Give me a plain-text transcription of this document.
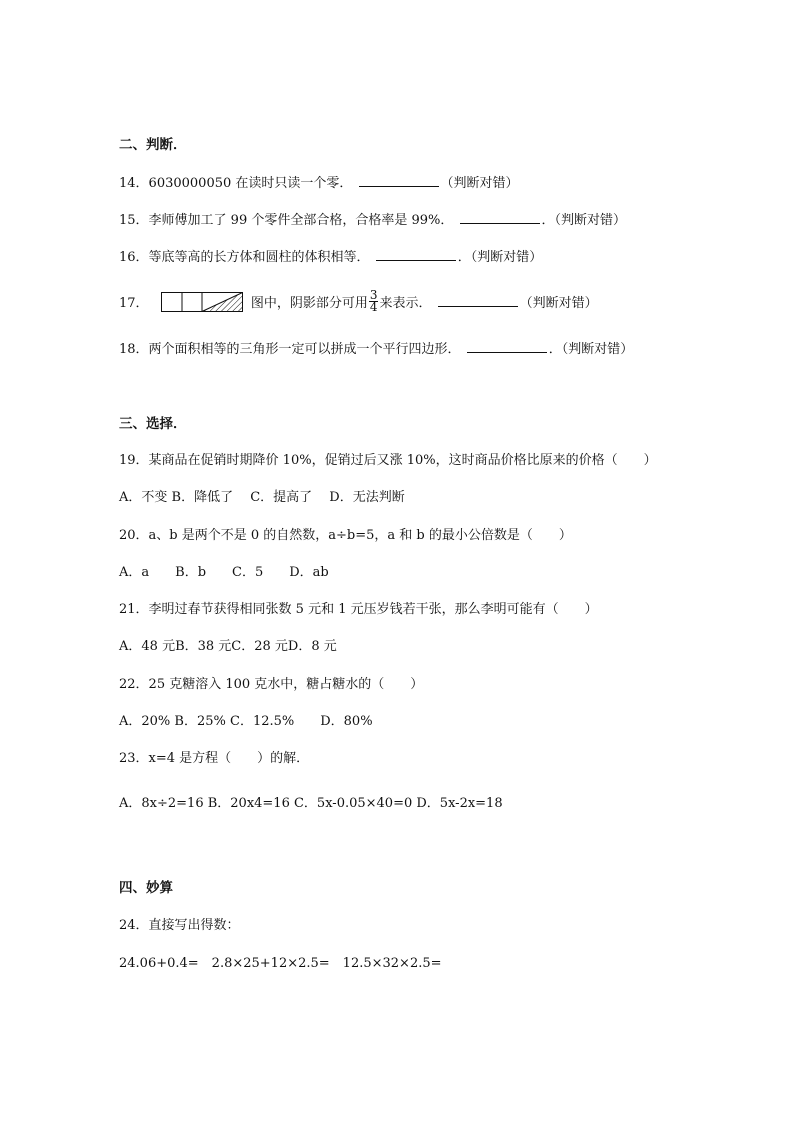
二、判断．
14．6030000050 在读时只读一个零．	（判断对错）
15．李师傅加工了 99 个零件全部合格，合格率是 99%．	．（判断对错）
16．等底等高的长方体和圆柱的体积相等．	．（判断对错）
17．	图中，阴影部分可用 $\frac{3}{4}$ 来表示．	（判断对错）
18．两个面积相等的三角形一定可以拼成一个平行四边形．	．（判断对错）
三、选择．
19．某商品在促销时期降价 10%，促销过后又涨 10%，这时商品价格比原来的价格（　　）
A．不变 B．降低了　 C．提高了　 D．无法判断
20．a、b 是两个不是 0 的自然数，a÷b=5，a 和 b 的最小公倍数是（　　）
A．a　　B．b　　C．5　　D．ab
21．李明过春节获得相同张数 5 元和 1 元压岁钱若干张，那么李明可能有（　　）
A．48 元B．38 元C．28 元D．8 元
22．25 克糖溶入 100 克水中，糖占糖水的（　　）
A．20% B．25% C．12.5%　　D．80%
23．x=4 是方程（　　）的解．
A．8x÷2=16 B．20x4=16 C．5x-0.05×40=0 D．5x-2x=18
四、妙算
24．直接写出得数：
24.06+0.4=　2.8×25+12×2.5=　12.5×32×2.5=
